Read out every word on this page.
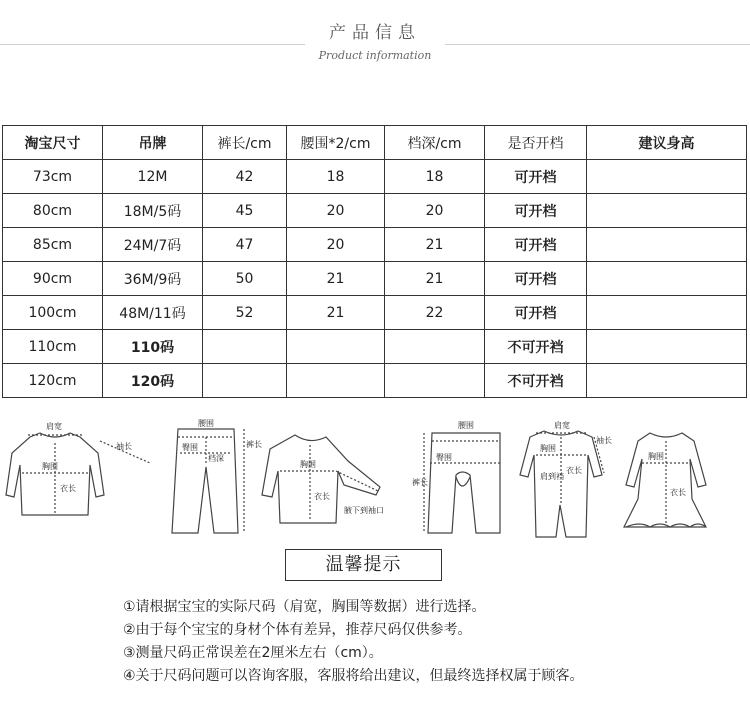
产品信息
Product information
淘宝尺寸	吊牌	裤长/cm	腰围*2/cm	档深/cm	是否开档	建议身高
73cm	12M	42	18	18	可开档	
80cm	18M/5码	45	20	20	可开档	
85cm	24M/7码	47	20	21	可开档	
90cm	36M/9码	50	21	21	可开档	
100cm	48M/11码	52	21	22	可开档	
110cm	110码				不可开裆	
120cm	120码				不可开裆	
肩宽
胸围
衣长
袖长
腰围
臀围
档深
裤长
胸围
衣长
腋下到袖口
腰围
臀围
裤长
肩宽
胸围
肩到裆
衣长
袖长
胸围
衣长
温馨提示
①请根据宝宝的实际尺码（肩宽，胸围等数据）进行选择。
②由于每个宝宝的身材个体有差异，推荐尺码仅供参考。
③测量尺码正常误差在2厘米左右（cm）。
④关于尺码问题可以咨询客服，客服将给出建议，但最终选择权属于顾客。
